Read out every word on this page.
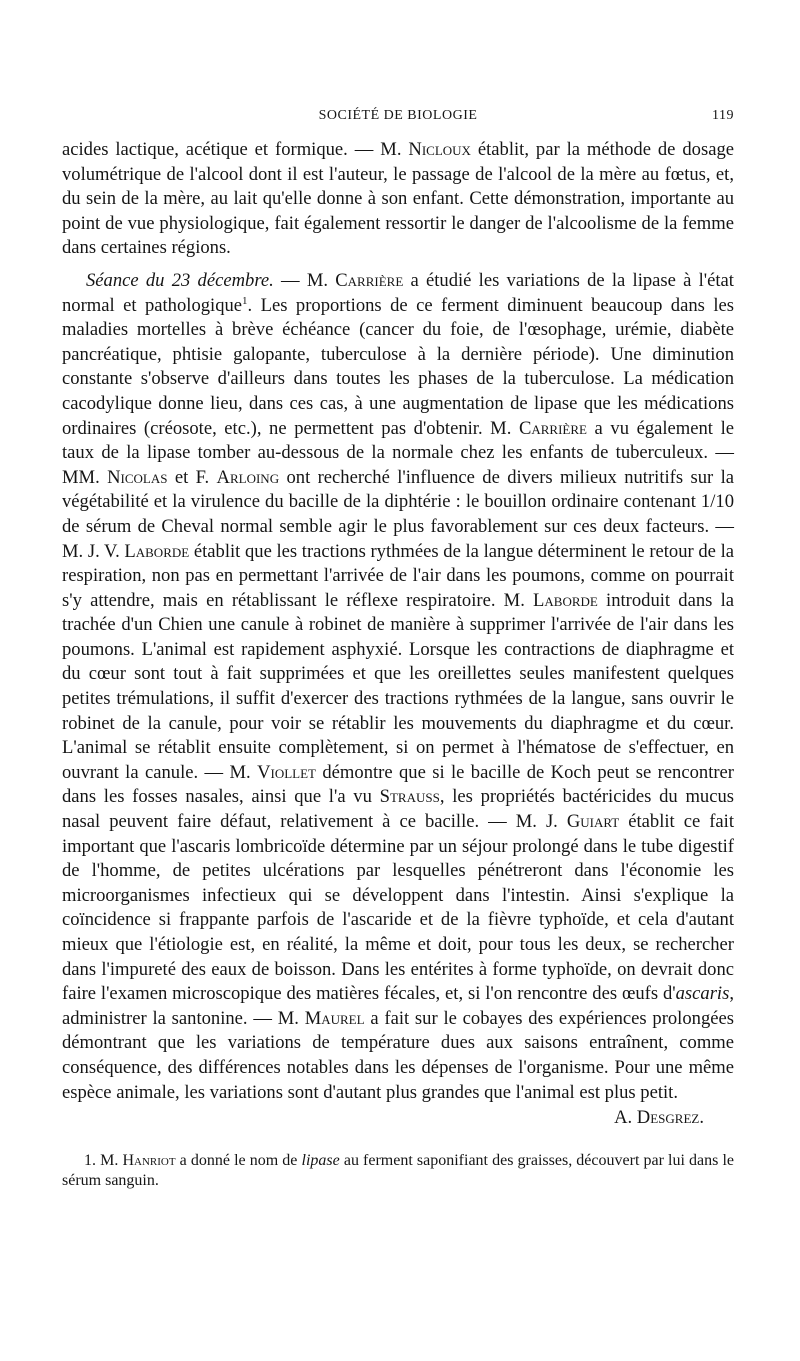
SOCIÉTÉ DE BIOLOGIE	119

acides lactique, acétique et formique. — M. Nicloux établit, par la méthode de dosage volumétrique de l'alcool dont il est l'auteur, le passage de l'alcool de la mère au fœtus, et, du sein de la mère, au lait qu'elle donne à son enfant. Cette démonstration, importante au point de vue physiologique, fait également ressortir le danger de l'alcoolisme de la femme dans certaines régions.

Séance du 23 décembre. — M. Carrière a étudié les variations de la lipase à l'état normal et pathologique$^1$. Les proportions de ce ferment diminuent beaucoup dans les maladies mortelles à brève échéance (cancer du foie, de l'œsophage, urémie, diabète pancréatique, phtisie galopante, tuberculose à la dernière période). Une diminution constante s'observe d'ailleurs dans toutes les phases de la tuberculose. La médication cacodylique donne lieu, dans ces cas, à une augmentation de lipase que les médications ordinaires (créosote, etc.), ne permettent pas d'obtenir. M. Carrière a vu également le taux de la lipase tomber au-dessous de la normale chez les enfants de tuberculeux. — MM. Nicolas et F. Arloing ont recherché l'influence de divers milieux nutritifs sur la végétabilité et la virulence du bacille de la diphtérie : le bouillon ordinaire contenant 1/10 de sérum de Cheval normal semble agir le plus favorablement sur ces deux facteurs. — M. J. V. Laborde établit que les tractions rythmées de la langue déterminent le retour de la respiration, non pas en permettant l'arrivée de l'air dans les poumons, comme on pourrait s'y attendre, mais en rétablissant le réflexe respiratoire. M. Laborde introduit dans la trachée d'un Chien une canule à robinet de manière à supprimer l'arrivée de l'air dans les poumons. L'animal est rapidement asphyxié. Lorsque les contractions de diaphragme et du cœur sont tout à fait supprimées et que les oreillettes seules manifestent quelques petites trémulations, il suffit d'exercer des tractions rythmées de la langue, sans ouvrir le robinet de la canule, pour voir se rétablir les mouvements du diaphragme et du cœur. L'animal se rétablit ensuite complètement, si on permet à l'hématose de s'effectuer, en ouvrant la canule. — M. Viollet démontre que si le bacille de Koch peut se rencontrer dans les fosses nasales, ainsi que l'a vu Strauss, les propriétés bactéricides du mucus nasal peuvent faire défaut, relativement à ce bacille. — M. J. Guiart établit ce fait important que l'ascaris lombricoïde détermine par un séjour prolongé dans le tube digestif de l'homme, de petites ulcérations par lesquelles pénétreront dans l'économie les microorganismes infectieux qui se développent dans l'intestin. Ainsi s'explique la coïncidence si frappante parfois de l'ascaride et de la fièvre typhoïde, et cela d'autant mieux que l'étiologie est, en réalité, la même et doit, pour tous les deux, se rechercher dans l'impureté des eaux de boisson. Dans les entérites à forme typhoïde, on devrait donc faire l'examen microscopique des matières fécales, et, si l'on rencontre des œufs d'ascaris, administrer la santonine. — M. Maurel a fait sur le cobayes des expériences prolongées démontrant que les variations de température dues aux saisons entraînent, comme conséquence, des différences notables dans les dépenses de l'organisme. Pour une même espèce animale, les variations sont d'autant plus grandes que l'animal est plus petit.

A. Desgrez.
1. M. Hanriot a donné le nom de lipase au ferment saponifiant des graisses, découvert par lui dans le sérum sanguin.
